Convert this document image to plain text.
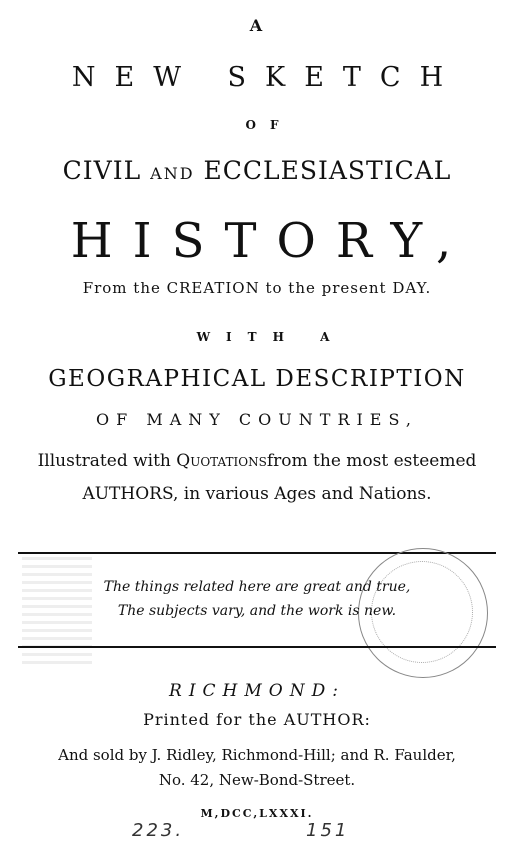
A
NEW SKETCH
OF
CIVIL AND ECCLESIASTICAL
HISTORY,
From the CREATION to the present DAY.
WITH A
GEOGRAPHICAL DESCRIPTION
OF MANY COUNTRIES,
Illustrated with Quotationsfrom the most esteemed
AUTHORS, in various Ages and Nations.
The things related here are great and true,
The subjects vary, and the work is new.
RICHMOND:
Printed for the AUTHOR:
And sold by J. Ridley, Richmond-Hill; and R. Faulder,
No. 42, New-Bond-Street.
M,DCC,LXXXI.
223.	151
